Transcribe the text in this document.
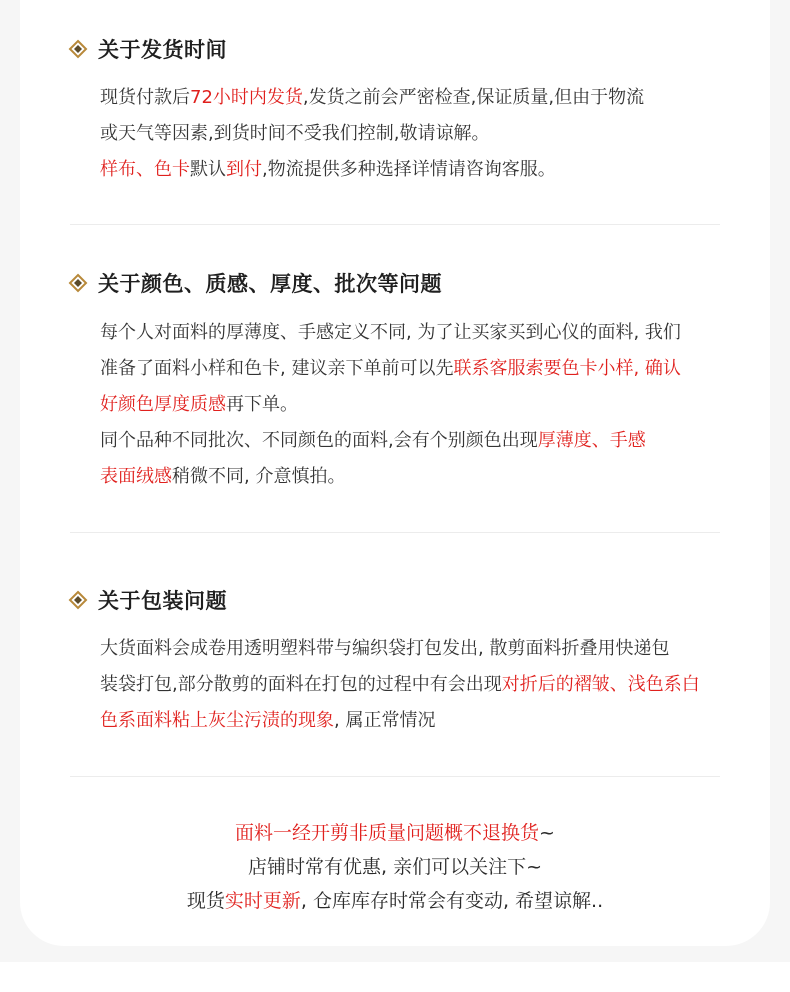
关于发货时间
现货付款后72小时内发货,发货之前会严密检查,保证质量,但由于物流
或天气等因素,到货时间不受我们控制,敬请谅解。
样布、色卡默认到付,物流提供多种选择详情请咨询客服。
关于颜色、质感、厚度、批次等问题
每个人对面料的厚薄度、手感定义不同, 为了让买家买到心仪的面料, 我们
准备了面料小样和色卡, 建议亲下单前可以先联系客服索要色卡小样, 确认
好颜色厚度质感再下单。
同个品种不同批次、不同颜色的面料,会有个别颜色出现厚薄度、手感
表面绒感稍微不同, 介意慎拍。
关于包装问题
大货面料会成卷用透明塑料带与编织袋打包发出, 散剪面料折叠用快递包
装袋打包,部分散剪的面料在打包的过程中有会出现对折后的褶皱、浅色系白
色系面料粘上灰尘污渍的现象, 属正常情况
面料一经开剪非质量问题概不退换货~
店铺时常有优惠, 亲们可以关注下~
现货实时更新, 仓库库存时常会有变动, 希望谅解..
